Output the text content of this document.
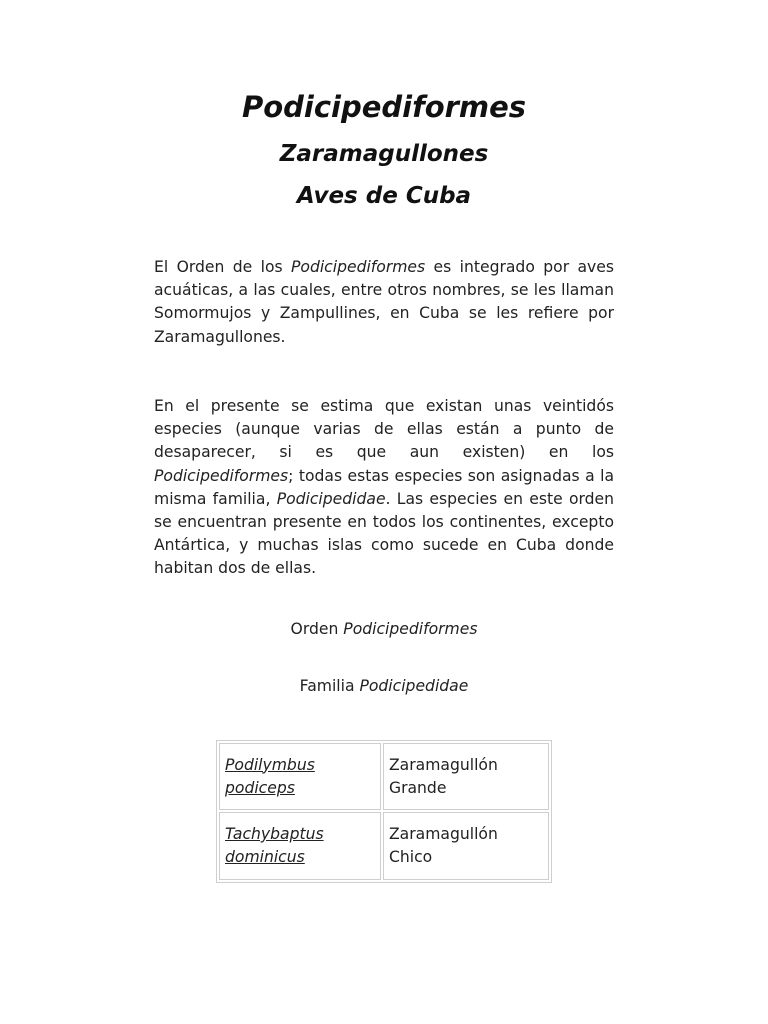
Podicipediformes
Zaramagullones
Aves de Cuba

El Orden de los Podicipediformes es integrado por aves acuáticas, a las cuales, entre otros nombres, se les llaman Somormujos y Zampullines, en Cuba se les refiere por Zaramagullones.

En el presente se estima que existan unas veintidós especies (aunque varias de ellas están a punto de desaparecer, si es que aun existen) en los Podicipediformes; todas estas especies son asignadas a la misma familia, Podicipedidae. Las especies en este orden se encuentran presente en todos los continentes, excepto Antártica, y muchas islas como sucede en Cuba donde habitan dos de ellas.

Orden Podicipediformes

Familia Podicipedidae

Podilymbus podiceps	Zaramagullón Grande
Tachybaptus dominicus	Zaramagullón Chico
